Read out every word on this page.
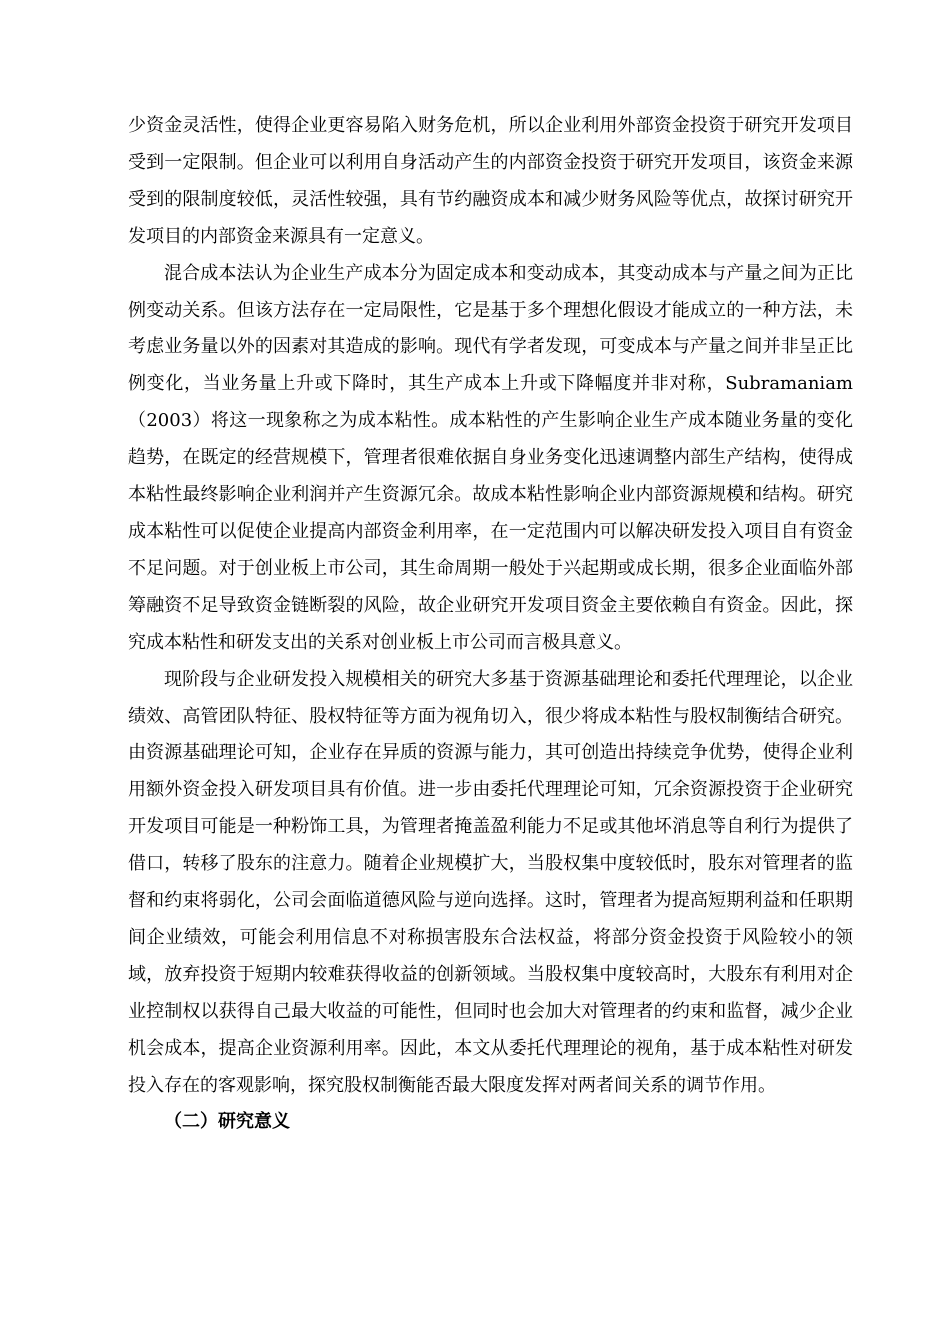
少资金灵活性，使得企业更容易陷入财务危机，所以企业利用外部资金投资于研究开发项目受到一定限制。但企业可以利用自身活动产生的内部资金投资于研究开发项目，该资金来源受到的限制度较低，灵活性较强，具有节约融资成本和减少财务风险等优点，故探讨研究开发项目的内部资金来源具有一定意义。

混合成本法认为企业生产成本分为固定成本和变动成本，其变动成本与产量之间为正比例变动关系。但该方法存在一定局限性，它是基于多个理想化假设才能成立的一种方法，未考虑业务量以外的因素对其造成的影响。现代有学者发现，可变成本与产量之间并非呈正比例变化，当业务量上升或下降时，其生产成本上升或下降幅度并非对称，Subramaniam（2003）将这一现象称之为成本粘性。成本粘性的产生影响企业生产成本随业务量的变化趋势，在既定的经营规模下，管理者很难依据自身业务变化迅速调整内部生产结构，使得成本粘性最终影响企业利润并产生资源冗余。故成本粘性影响企业内部资源规模和结构。研究成本粘性可以促使企业提高内部资金利用率，在一定范围内可以解决研发投入项目自有资金不足问题。对于创业板上市公司，其生命周期一般处于兴起期或成长期，很多企业面临外部筹融资不足导致资金链断裂的风险，故企业研究开发项目资金主要依赖自有资金。因此，探究成本粘性和研发支出的关系对创业板上市公司而言极具意义。

现阶段与企业研发投入规模相关的研究大多基于资源基础理论和委托代理理论，以企业绩效、高管团队特征、股权特征等方面为视角切入，很少将成本粘性与股权制衡结合研究。由资源基础理论可知，企业存在异质的资源与能力，其可创造出持续竞争优势，使得企业利用额外资金投入研发项目具有价值。进一步由委托代理理论可知，冗余资源投资于企业研究开发项目可能是一种粉饰工具，为管理者掩盖盈利能力不足或其他坏消息等自利行为提供了借口，转移了股东的注意力。随着企业规模扩大，当股权集中度较低时，股东对管理者的监督和约束将弱化，公司会面临道德风险与逆向选择。这时，管理者为提高短期利益和任职期间企业绩效，可能会利用信息不对称损害股东合法权益，将部分资金投资于风险较小的领域，放弃投资于短期内较难获得收益的创新领域。当股权集中度较高时，大股东有利用对企业控制权以获得自己最大收益的可能性，但同时也会加大对管理者的约束和监督，减少企业机会成本，提高企业资源利用率。因此，本文从委托代理理论的视角，基于成本粘性对研发投入存在的客观影响，探究股权制衡能否最大限度发挥对两者间关系的调节作用。

（二）研究意义
